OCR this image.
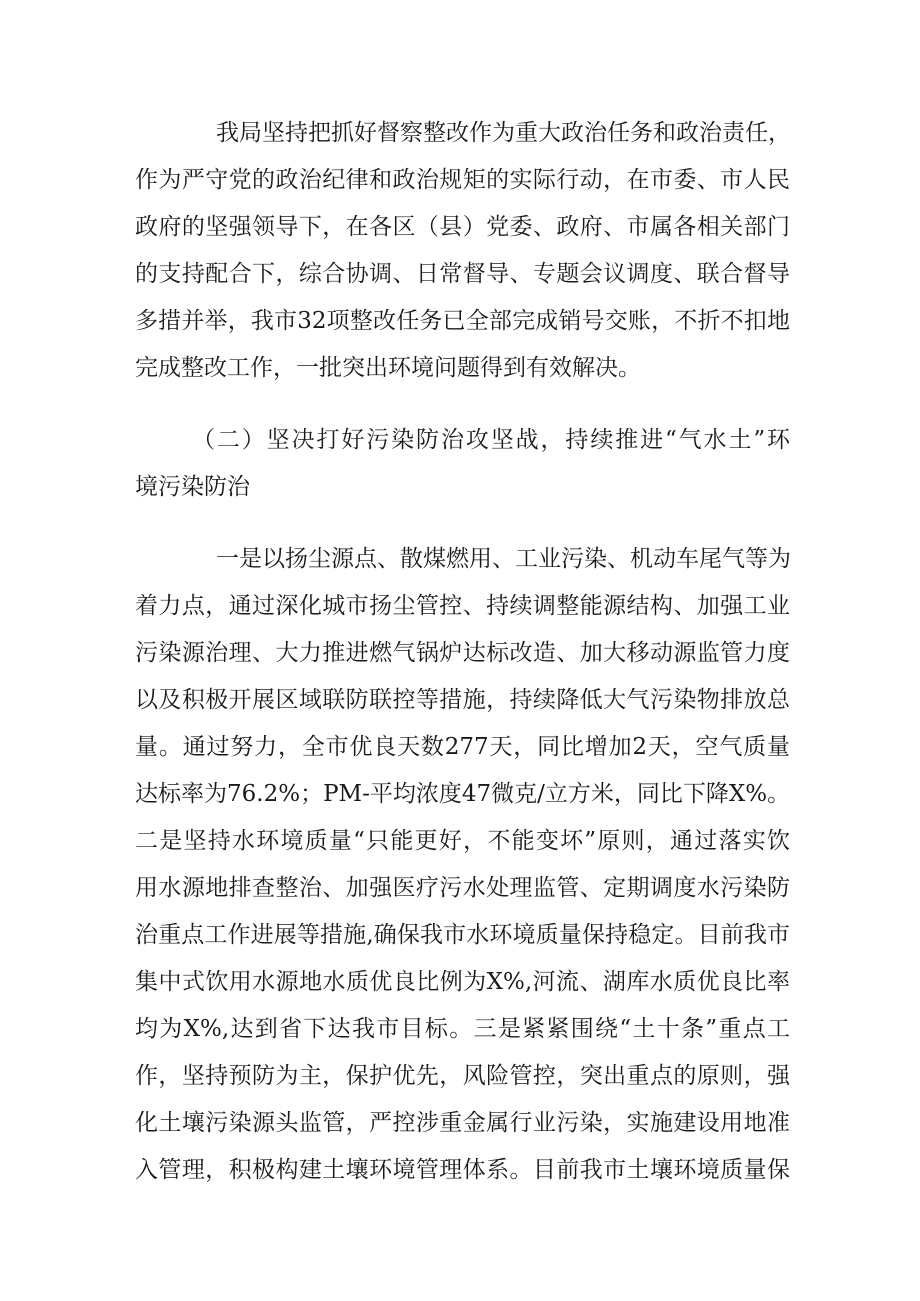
我局坚持把抓好督察整改作为重大政治任务和政治责任，
作为严守党的政治纪律和政治规矩的实际行动，在市委、市人民
政府的坚强领导下，在各区（县）党委、政府、市属各相关部门
的支持配合下，综合协调、日常督导、专题会议调度、联合督导
多措并举，我市32项整改任务已全部完成销号交账，不折不扣地
完成整改工作，一批突出环境问题得到有效解决。
（二）坚决打好污染防治攻坚战，持续推进“气水土”环
境污染防治
一是以扬尘源点、散煤燃用、工业污染、机动车尾气等为
着力点，通过深化城市扬尘管控、持续调整能源结构、加强工业
污染源治理、大力推进燃气锅炉达标改造、加大移动源监管力度
以及积极开展区域联防联控等措施，持续降低大气污染物排放总
量。通过努力，全市优良天数277天，同比增加2天，空气质量
达标率为76.2%；PM-平均浓度47微克/立方米，同比下降X%。
二是坚持水环境质量“只能更好，不能变坏”原则，通过落实饮
用水源地排查整治、加强医疗污水处理监管、定期调度水污染防
治重点工作进展等措施,确保我市水环境质量保持稳定。目前我市
集中式饮用水源地水质优良比例为X%,河流、湖库水质优良比率
均为X%,达到省下达我市目标。三是紧紧围绕“土十条”重点工
作，坚持预防为主，保护优先，风险管控，突出重点的原则，强
化土壤污染源头监管，严控涉重金属行业污染，实施建设用地准
入管理，积极构建土壤环境管理体系。目前我市土壤环境质量保
